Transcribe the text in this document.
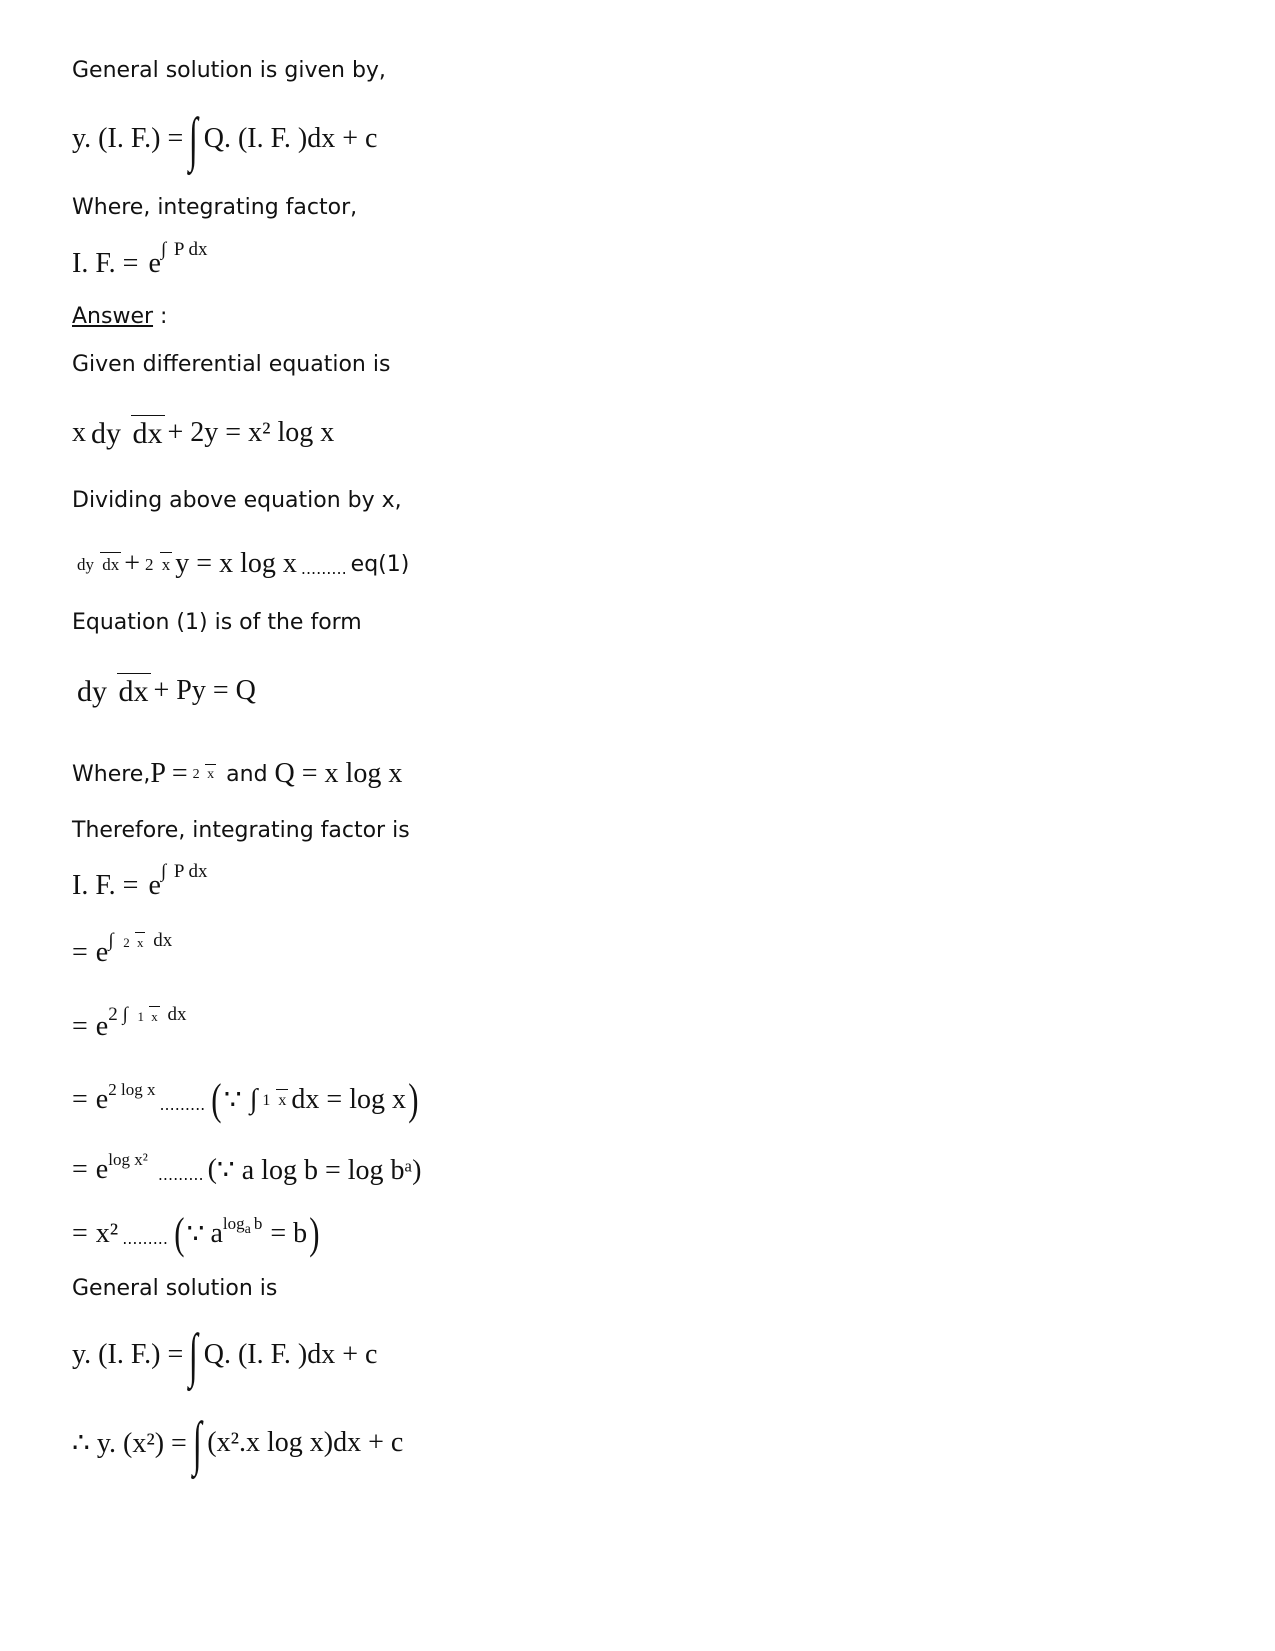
General solution is given by,
y. (I. F.) = ∫ Q. (I. F. )dx + c
Where, integrating factor,
I. F. = e ∫ P dx
Answer :
Given differential equation is
x dy dx + 2y = x² log x
Dividing above equation by x,
dy dx + 2 x y = x log x ......... eq(1)
Equation (1) is of the form
dy dx + Py = Q
Where, P = 2 x and Q = x log x
Therefore, integrating factor is
I. F. = e ∫ P dx
= e ∫ 2 x dx
= e 2 ∫ 1 x dx
= e 2 log x
......... ( ∵ ∫ 1 x dx = log x )
= e log x²
......... ( ∵ a log b = log bᵃ)
= x² ......... ( ∵ a loga b = b )
General solution is
y. (I. F.) = ∫ Q. (I. F. )dx + c
∴ y. (x²) = ∫ (x².x log x)dx + c
